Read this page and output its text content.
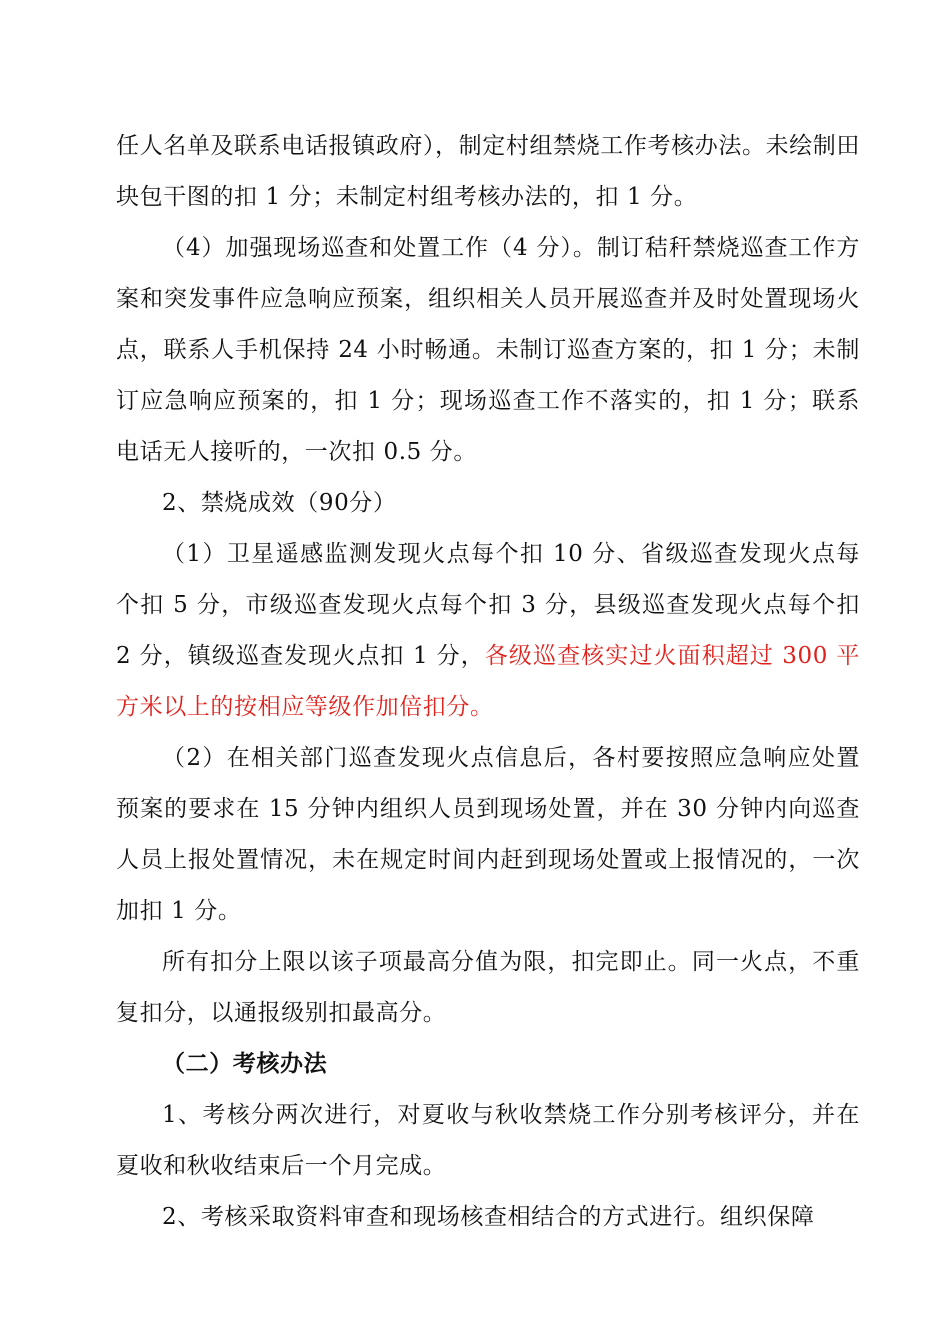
任人名单及联系电话报镇政府），制定村组禁烧工作考核办法。未绘制田块包干图的扣 1 分；未制定村组考核办法的，扣 1 分。

（4）加强现场巡查和处置工作（4 分）。制订秸秆禁烧巡查工作方案和突发事件应急响应预案，组织相关人员开展巡查并及时处置现场火点，联系人手机保持 24 小时畅通。未制订巡查方案的，扣 1 分；未制订应急响应预案的，扣 1 分；现场巡查工作不落实的，扣 1 分；联系电话无人接听的，一次扣 0.5 分。

2、禁烧成效（90分）

（1）卫星遥感监测发现火点每个扣 10 分、省级巡查发现火点每个扣 5 分，市级巡查发现火点每个扣 3 分，县级巡查发现火点每个扣 2 分，镇级巡查发现火点扣 1 分，各级巡查核实过火面积超过 300 平方米以上的按相应等级作加倍扣分。

（2）在相关部门巡查发现火点信息后，各村要按照应急响应处置预案的要求在 15 分钟内组织人员到现场处置，并在 30 分钟内向巡查人员上报处置情况，未在规定时间内赶到现场处置或上报情况的，一次加扣 1 分。

所有扣分上限以该子项最高分值为限，扣完即止。同一火点，不重复扣分，以通报级别扣最高分。

（二）考核办法

1、考核分两次进行，对夏收与秋收禁烧工作分别考核评分，并在夏收和秋收结束后一个月完成。

2、考核采取资料审查和现场核查相结合的方式进行。组织保障
